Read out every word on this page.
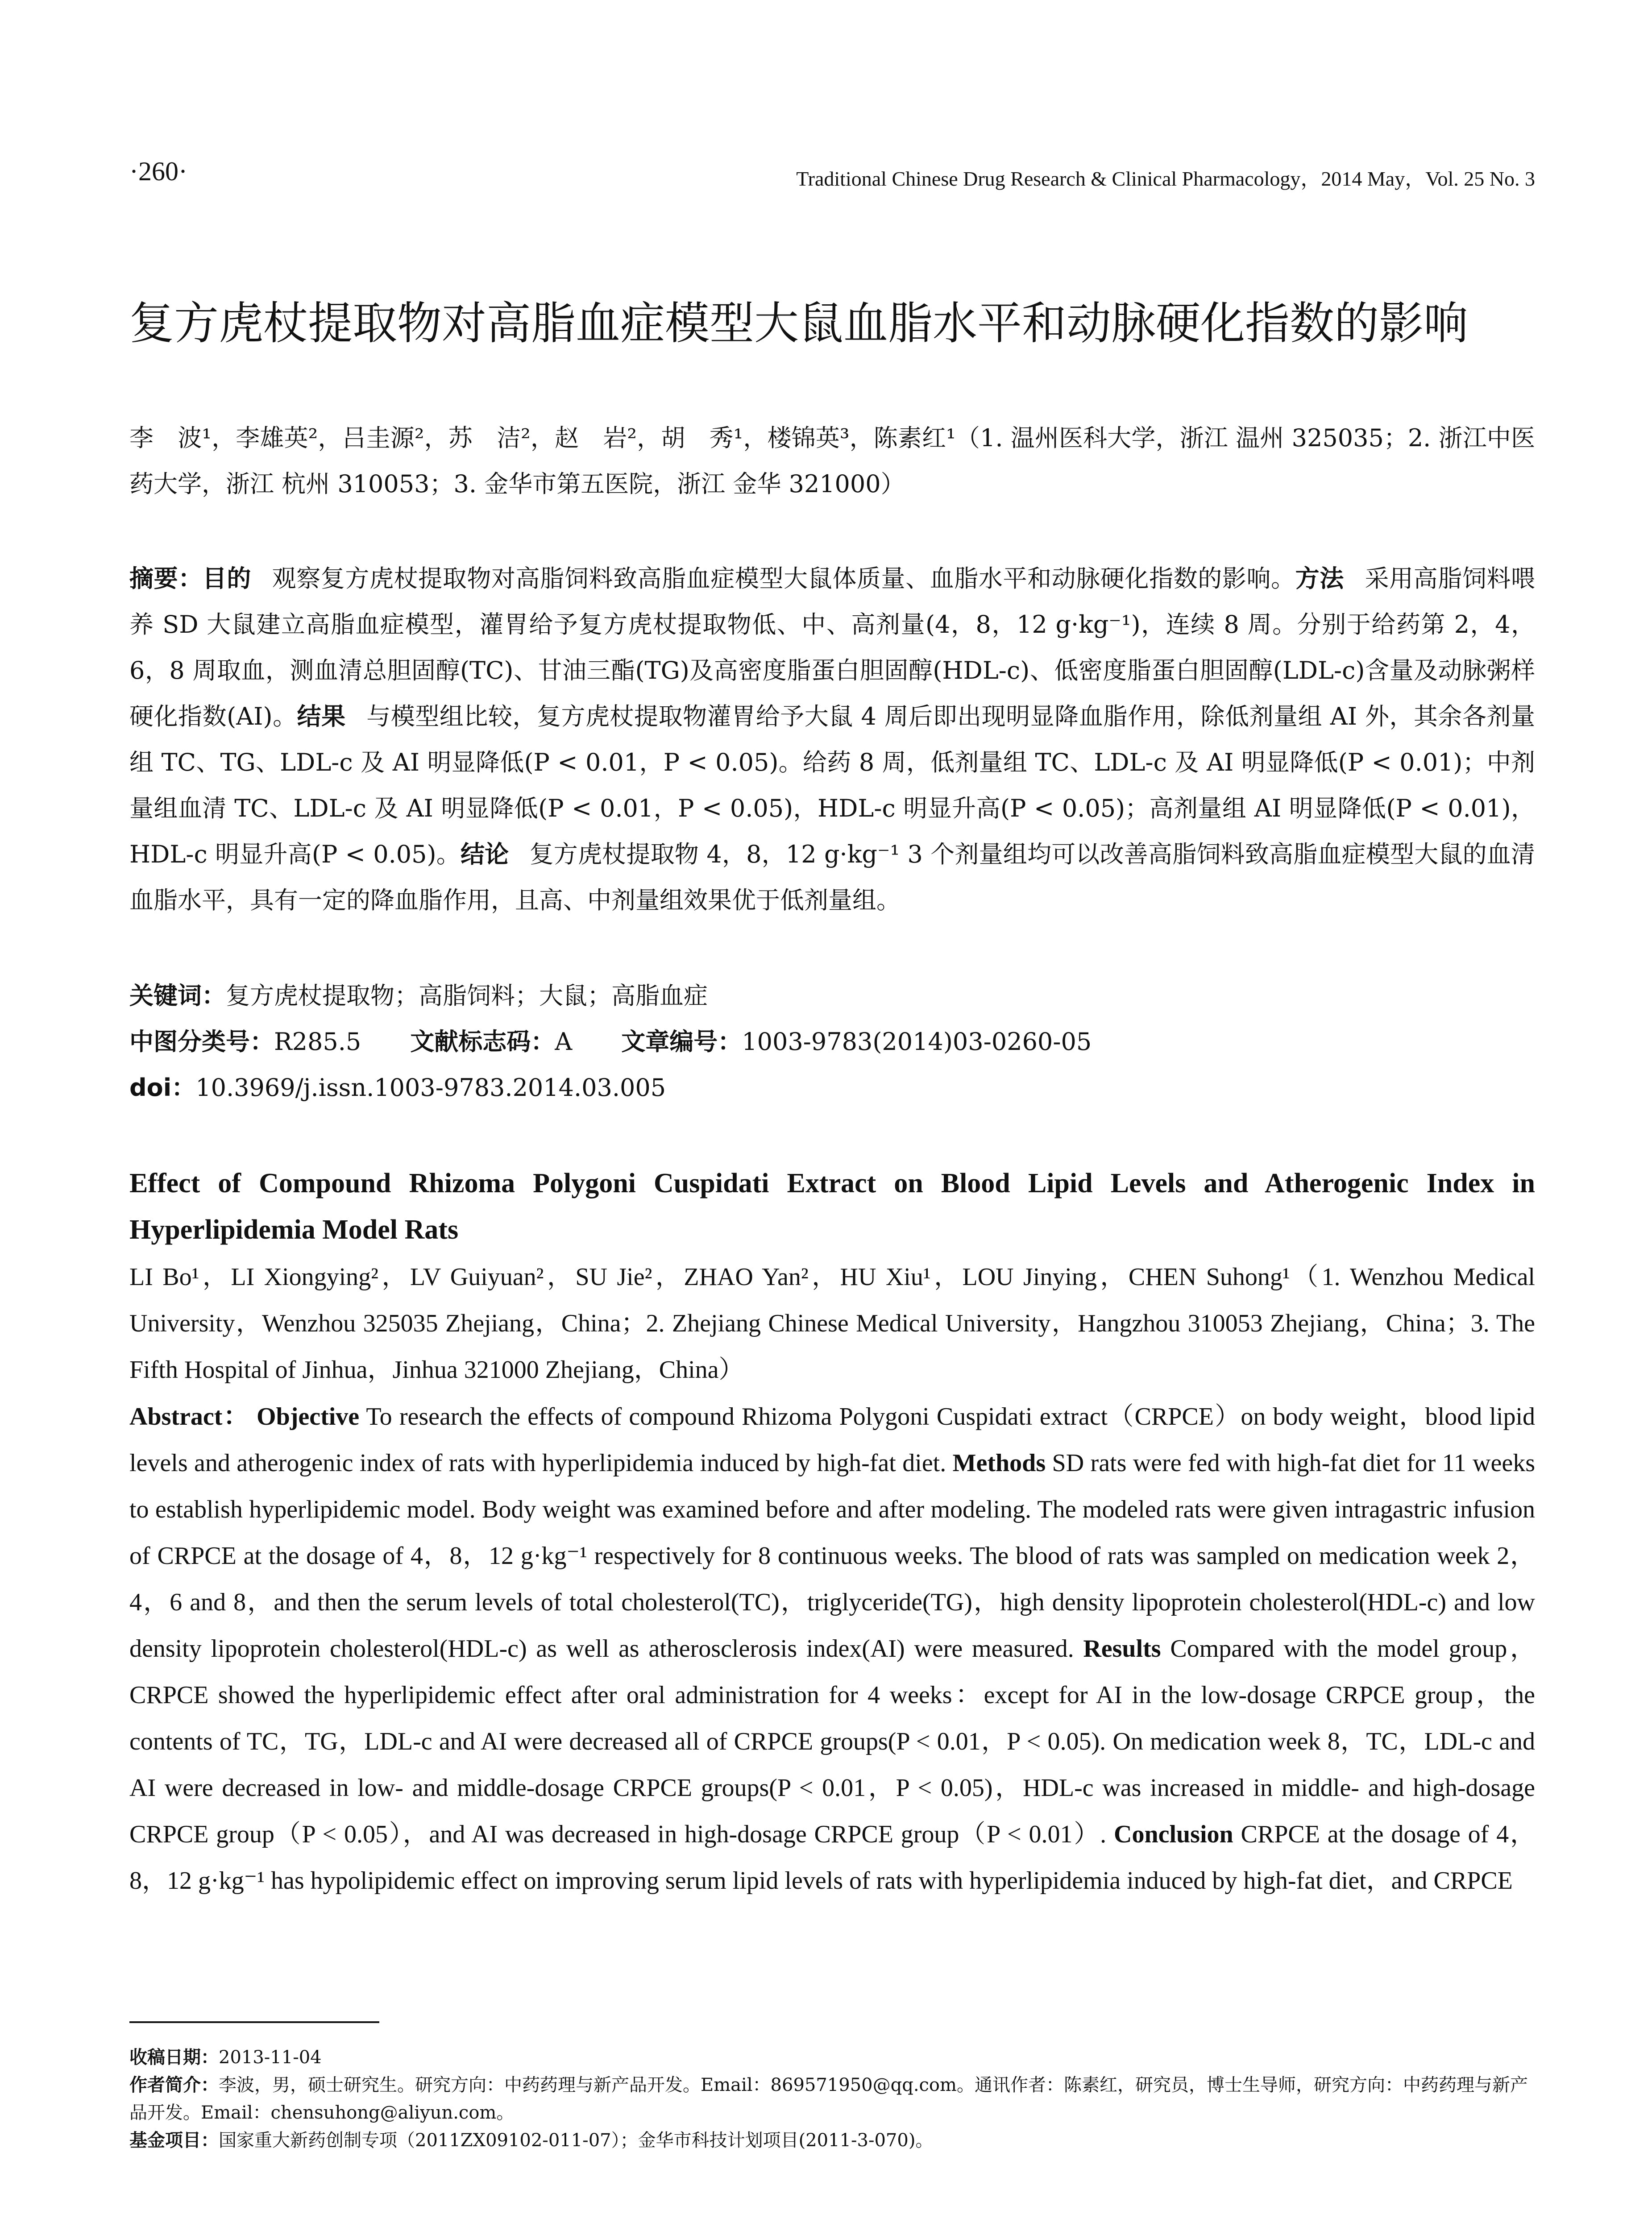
·260·	Traditional Chinese Drug Research & Clinical Pharmacology，2014 May，Vol. 25 No. 3
复方虎杖提取物对高脂血症模型大鼠血脂水平和动脉硬化指数的影响

李　波¹，李雄英²，吕圭源²，苏　洁²，赵　岩²，胡　秀¹，楼锦英³，陈素红¹（1. 温州医科大学，浙江 温州 325035；2. 浙江中医药大学，浙江 杭州 310053；3. 金华市第五医院，浙江 金华 321000）

摘要：目的 观察复方虎杖提取物对高脂饲料致高脂血症模型大鼠体质量、血脂水平和动脉硬化指数的影响。方法 采用高脂饲料喂养 SD 大鼠建立高脂血症模型，灌胃给予复方虎杖提取物低、中、高剂量(4，8，12 g·kg⁻¹)，连续 8 周。分别于给药第 2，4，6，8 周取血，测血清总胆固醇(TC)、甘油三酯(TG)及高密度脂蛋白胆固醇(HDL-c)、低密度脂蛋白胆固醇(LDL-c)含量及动脉粥样硬化指数(AI)。结果 与模型组比较，复方虎杖提取物灌胃给予大鼠 4 周后即出现明显降血脂作用，除低剂量组 AI 外，其余各剂量组 TC、TG、LDL-c 及 AI 明显降低(P < 0.01，P < 0.05)。给药 8 周，低剂量组 TC、LDL-c 及 AI 明显降低(P < 0.01)；中剂量组血清 TC、LDL-c 及 AI 明显降低(P < 0.01，P < 0.05)，HDL-c 明显升高(P < 0.05)；高剂量组 AI 明显降低(P < 0.01)，HDL-c 明显升高(P < 0.05)。结论 复方虎杖提取物 4，8，12 g·kg⁻¹ 3 个剂量组均可以改善高脂饲料致高脂血症模型大鼠的血清血脂水平，具有一定的降血脂作用，且高、中剂量组效果优于低剂量组。

关键词：复方虎杖提取物；高脂饲料；大鼠；高脂血症

中图分类号：R285.5 文献标志码：A 文章编号：1003-9783(2014)03-0260-05

doi：10.3969/j.issn.1003-9783.2014.03.005

Effect of Compound Rhizoma Polygoni Cuspidati Extract on Blood Lipid Levels and Atherogenic Index in Hyperlipidemia Model Rats

LI Bo¹，LI Xiongying²，LV Guiyuan²，SU Jie²，ZHAO Yan²，HU Xiu¹，LOU Jinying，CHEN Suhong¹（1. Wenzhou Medical University，Wenzhou 325035 Zhejiang，China；2. Zhejiang Chinese Medical University，Hangzhou 310053 Zhejiang，China；3. The Fifth Hospital of Jinhua，Jinhua 321000 Zhejiang，China）

Abstract： Objective To research the effects of compound Rhizoma Polygoni Cuspidati extract（CRPCE）on body weight，blood lipid levels and atherogenic index of rats with hyperlipidemia induced by high-fat diet. Methods SD rats were fed with high-fat diet for 11 weeks to establish hyperlipidemic model. Body weight was examined before and after modeling. The modeled rats were given intragastric infusion of CRPCE at the dosage of 4，8，12 g·kg⁻¹ respectively for 8 continuous weeks. The blood of rats was sampled on medication week 2，4，6 and 8，and then the serum levels of total cholesterol(TC)，triglyceride(TG)，high density lipoprotein cholesterol(HDL-c) and low density lipoprotein cholesterol(HDL-c) as well as atherosclerosis index(AI) were measured. Results Compared with the model group，CRPCE showed the hyperlipidemic effect after oral administration for 4 weeks：except for AI in the low-dosage CRPCE group，the contents of TC，TG，LDL-c and AI were decreased all of CRPCE groups(P < 0.01，P < 0.05). On medication week 8，TC，LDL-c and AI were decreased in low- and middle-dosage CRPCE groups(P < 0.01，P < 0.05)，HDL-c was increased in middle- and high-dosage CRPCE group（P < 0.05），and AI was decreased in high-dosage CRPCE group（P < 0.01）. Conclusion CRPCE at the dosage of 4，8，12 g·kg⁻¹ has hypolipidemic effect on improving serum lipid levels of rats with hyperlipidemia induced by high-fat diet，and CRPCE

收稿日期：2013-11-04

作者简介：李波，男，硕士研究生。研究方向：中药药理与新产品开发。Email：869571950@qq.com。通讯作者：陈素红，研究员，博士生导师，研究方向：中药药理与新产品开发。Email：chensuhong@aliyun.com。

基金项目：国家重大新药创制专项（2011ZX09102-011-07）；金华市科技计划项目(2011-3-070)。
